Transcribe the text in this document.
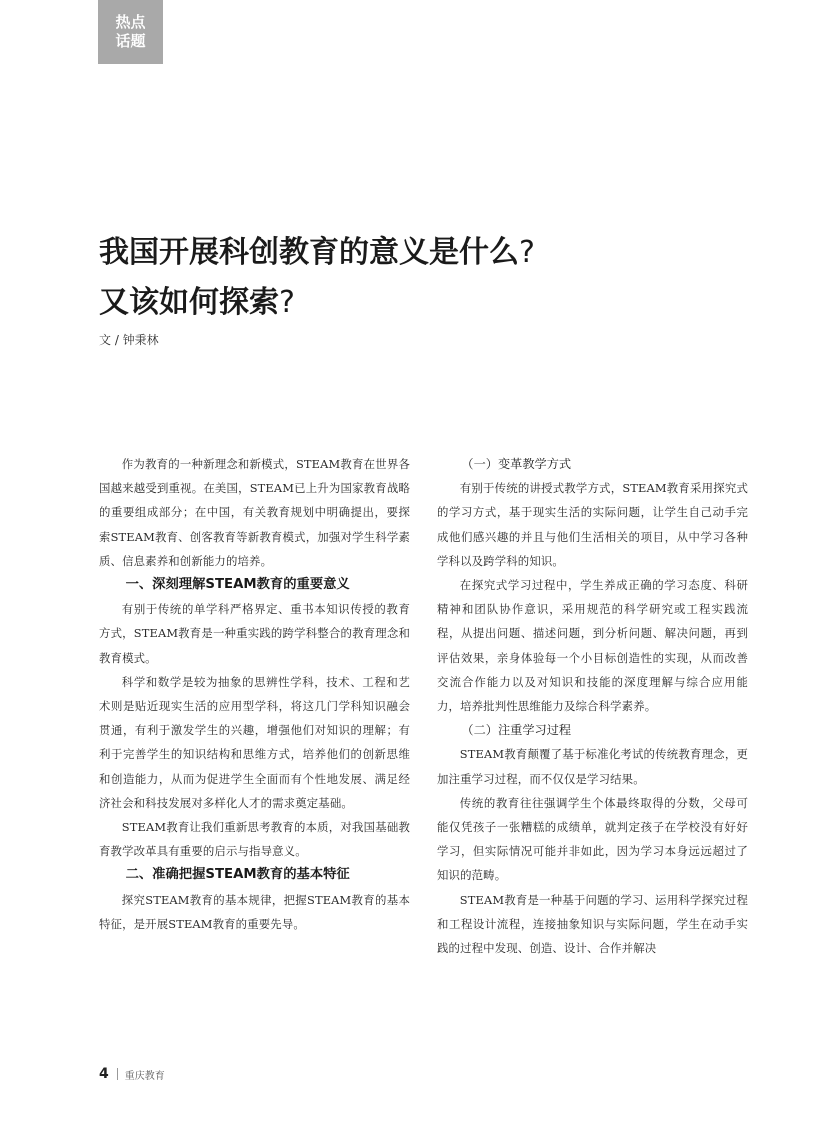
热点
话题
我国开展科创教育的意义是什么?
又该如何探索?
文 / 钟秉林

作为教育的一种新理念和新模式，STEAM教育在世界各国越来越受到重视。在美国，STEAM已上升为国家教育战略的重要组成部分；在中国，有关教育规划中明确提出，要探索STEAM教育、创客教育等新教育模式，加强对学生科学素质、信息素养和创新能力的培养。

一、深刻理解STEAM教育的重要意义

有别于传统的单学科严格界定、重书本知识传授的教育方式，STEAM教育是一种重实践的跨学科整合的教育理念和教育模式。

科学和数学是较为抽象的思辨性学科，技术、工程和艺术则是贴近现实生活的应用型学科，将这几门学科知识融会贯通，有利于激发学生的兴趣，增强他们对知识的理解；有利于完善学生的知识结构和思维方式，培养他们的创新思维和创造能力，从而为促进学生全面而有个性地发展、满足经济社会和科技发展对多样化人才的需求奠定基础。

STEAM教育让我们重新思考教育的本质，对我国基础教育教学改革具有重要的启示与指导意义。

二、准确把握STEAM教育的基本特征

探究STEAM教育的基本规律，把握STEAM教育的基本特征，是开展STEAM教育的重要先导。

（一）变革教学方式

有别于传统的讲授式教学方式，STEAM教育采用探究式的学习方式，基于现实生活的实际问题，让学生自己动手完成他们感兴趣的并且与他们生活相关的项目，从中学习各种学科以及跨学科的知识。

在探究式学习过程中，学生养成正确的学习态度、科研精神和团队协作意识，采用规范的科学研究或工程实践流程，从提出问题、描述问题，到分析问题、解决问题，再到评估效果，亲身体验每一个小目标创造性的实现，从而改善交流合作能力以及对知识和技能的深度理解与综合应用能力，培养批判性思维能力及综合科学素养。

（二）注重学习过程

STEAM教育颠覆了基于标准化考试的传统教育理念，更加注重学习过程，而不仅仅是学习结果。

传统的教育往往强调学生个体最终取得的分数，父母可能仅凭孩子一张糟糕的成绩单，就判定孩子在学校没有好好学习，但实际情况可能并非如此，因为学习本身远远超过了知识的范畴。

STEAM教育是一种基于问题的学习、运用科学探究过程和工程设计流程，连接抽象知识与实际问题，学生在动手实践的过程中发现、创造、设计、合作并解决

4 重庆教育
